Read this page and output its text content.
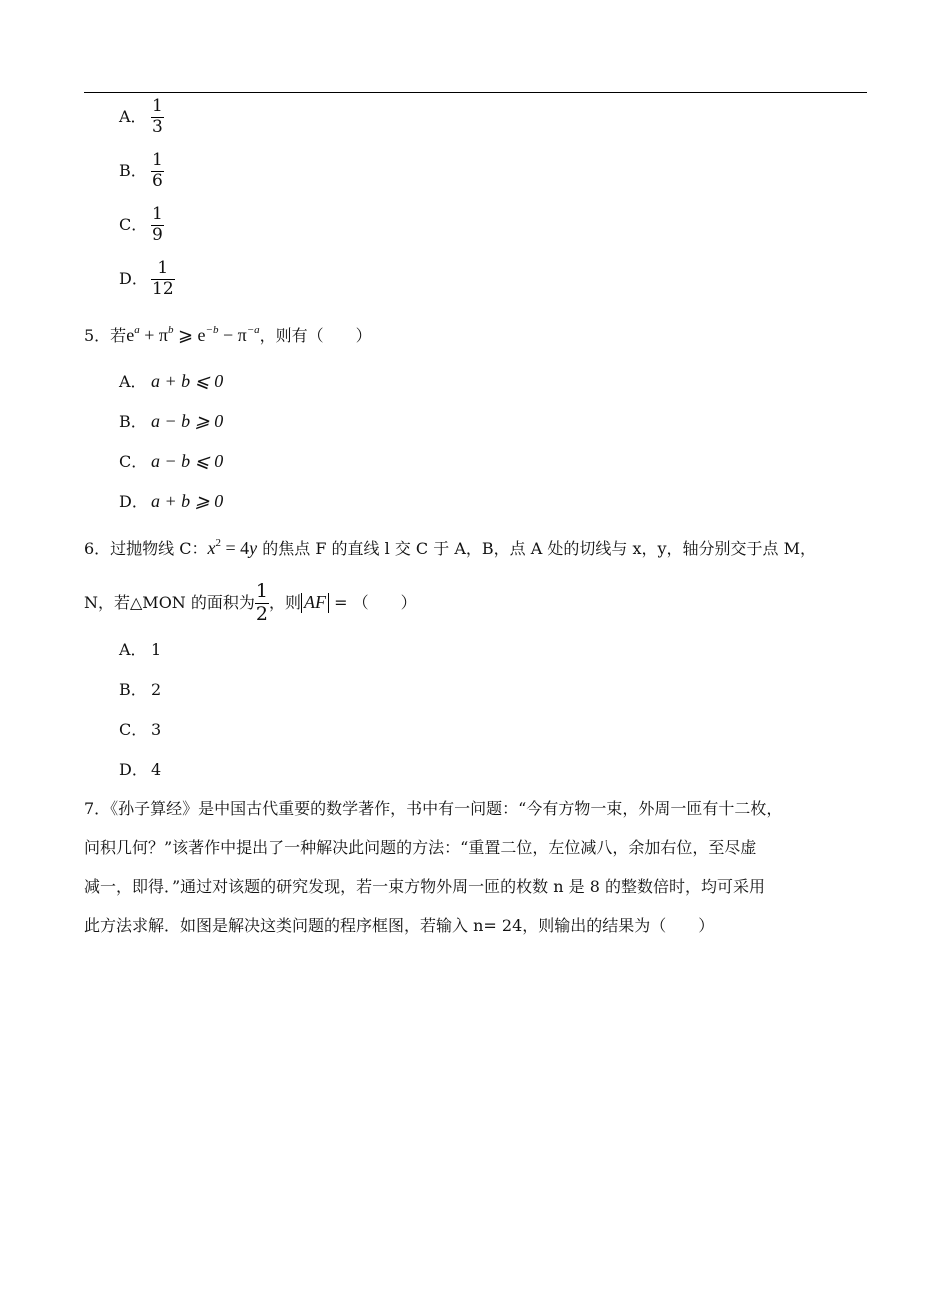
A． $\frac{1}{3}$
B． $\frac{1}{6}$
C． $\frac{1}{9}$
D． $\frac{1}{12}$
5．若$e^a + \pi^b$ ⩾ $e^{-b} - \pi^{-a}$，则有（　　）
A． a + b ⩽ 0
B． a − b ⩾ 0
C． a − b ⩽ 0
D． a + b ⩾ 0
6．过抛物线 C：$x^2 = 4y$ 的焦点 F 的直线 l 交 C 于 A，B，点 A 处的切线与 x，y，轴分别交于点 M，
N，若△MON 的面积为 $\frac{1}{2}$ ，则 AF = （　　）
A． 1
B． 2
C． 3
D． 4

7．《孙子算经》是中国古代重要的数学著作，书中有一问题：“今有方物一束，外周一匝有十二枚，

问积几何？”该著作中提出了一种解决此问题的方法：“重置二位，左位减八，余加右位，至尽虚

减一，即得．”通过对该题的研究发现，若一束方物外周一匝的枚数 n 是 8 的整数倍时，均可采用

此方法求解．如图是解决这类问题的程序框图，若输入 n= 24，则输出的结果为（　　）
